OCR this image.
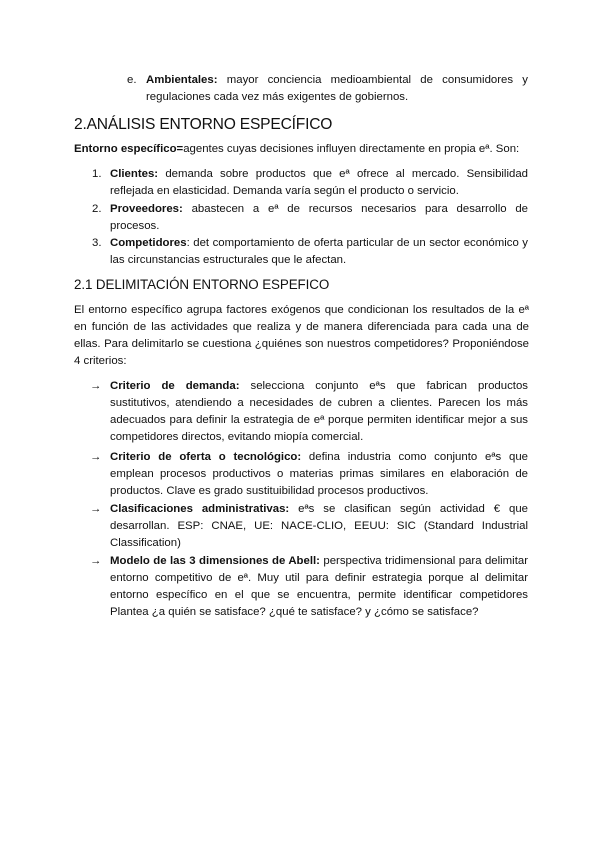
e. Ambientales: mayor conciencia medioambiental de consumidores y regulaciones cada vez más exigentes de gobiernos.
2.ANÁLISIS ENTORNO ESPECÍFICO
Entorno específico=agentes cuyas decisiones influyen directamente en propia eª. Son:
1. Clientes: demanda sobre productos que eª ofrece al mercado. Sensibilidad reflejada en elasticidad. Demanda varía según el producto o servicio.
2. Proveedores: abastecen a eª de recursos necesarios para desarrollo de procesos.
3. Competidores: det comportamiento de oferta particular de un sector económico y las circunstancias estructurales que le afectan.
2.1 DELIMITACIÓN ENTORNO ESPEFICO
El entorno específico agrupa factores exógenos que condicionan los resultados de la eª en función de las actividades que realiza y de manera diferenciada para cada una de ellas. Para delimitarlo se cuestiona ¿quiénes son nuestros competidores? Proponiéndose 4 criterios:
→ Criterio de demanda: selecciona conjunto eªs que fabrican productos sustitutivos, atendiendo a necesidades de cubren a clientes. Parecen los más adecuados para definir la estrategia de eª porque permiten identificar mejor a sus competidores directos, evitando miopía comercial.
→ Criterio de oferta o tecnológico: defina industria como conjunto eªs que emplean procesos productivos o materias primas similares en elaboración de productos. Clave es grado sustituibilidad procesos productivos.
→ Clasificaciones administrativas: eªs se clasifican según actividad € que desarrollan. ESP: CNAE, UE: NACE-CLIO, EEUU: SIC (Standard Industrial Classification)
→ Modelo de las 3 dimensiones de Abell: perspectiva tridimensional para delimitar entorno competitivo de eª. Muy util para definir estrategia porque al delimitar entorno específico en el que se encuentra, permite identificar competidores Plantea ¿a quién se satisface? ¿qué te satisface? y ¿cómo se satisface?
